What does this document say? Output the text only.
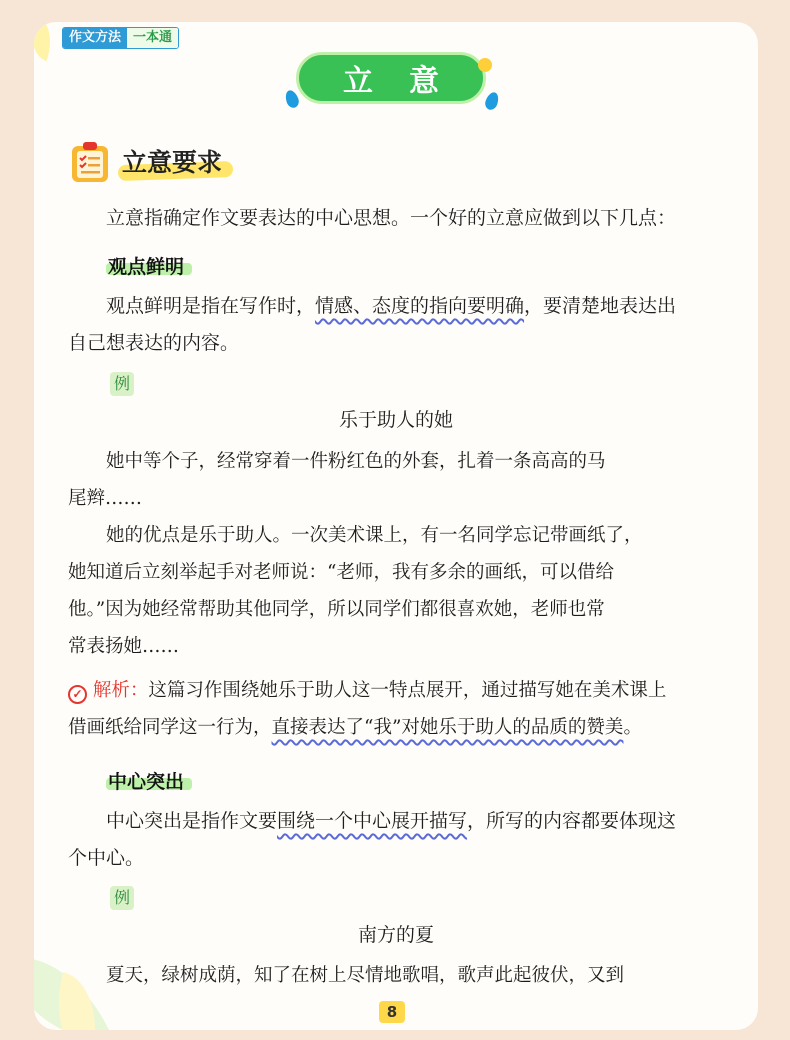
作文方法 一本通
立意
立意要求
立意指确定作文要表达的中心思想。一个好的立意应做到以下几点：
观点鲜明
观点鲜明是指在写作时，情感、态度的指向要明确，要清楚地表达出
自己想表达的内容。
例
乐于助人的她
她中等个子，经常穿着一件粉红色的外套，扎着一条高高的马
尾辫……
她的优点是乐于助人。一次美术课上，有一名同学忘记带画纸了，
她知道后立刻举起手对老师说：“老师，我有多余的画纸，可以借给
他。”因为她经常帮助其他同学，所以同学们都很喜欢她，老师也常
常表扬她……
✓ 解析：这篇习作围绕她乐于助人这一特点展开，通过描写她在美术课上
借画纸给同学这一行为，直接表达了“我”对她乐于助人的品质的赞美。
中心突出
中心突出是指作文要围绕一个中心展开描写，所写的内容都要体现这
个中心。
例
南方的夏
夏天，绿树成荫，知了在树上尽情地歌唱，歌声此起彼伏，又到
8
